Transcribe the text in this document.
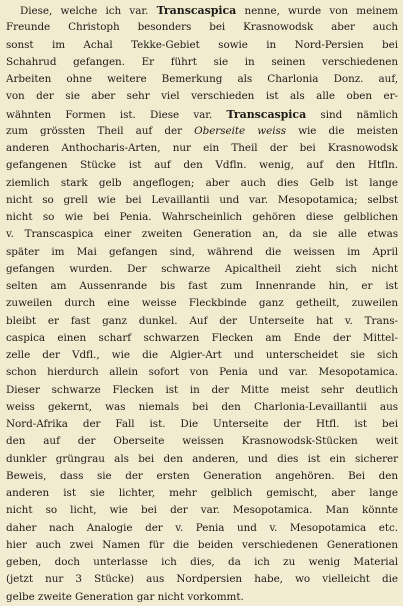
Diese, welche ich var. Transcaspica nenne, wurde von meinem
Freunde Christoph besonders bei Krasnowodsk aber auch
sonst im Achal Tekke-Gebiet sowie in Nord-Persien bei
Schahrud gefangen. Er führt sie in seinen verschiedenen
Arbeiten ohne weitere Bemerkung als Charlonia Donz. auf,
von der sie aber sehr viel verschieden ist als alle oben er-
wähnten Formen ist. Diese var. Transcaspica sind nämlich
zum grössten Theil auf der Oberseite weiss wie die meisten
anderen Anthocharis-Arten, nur ein Theil der bei Krasnowodsk
gefangenen Stücke ist auf den Vdfln. wenig, auf den Htfln.
ziemlich stark gelb angeflogen; aber auch dies Gelb ist lange
nicht so grell wie bei Levaillantii und var. Mesopotamica; selbst
nicht so wie bei Penia. Wahrscheinlich gehören diese gelblichen
v. Transcaspica einer zweiten Generation an, da sie alle etwas
später im Mai gefangen sind, während die weissen im April
gefangen wurden. Der schwarze Apicaltheil zieht sich nicht
selten am Aussenrande bis fast zum Innenrande hin, er ist
zuweilen durch eine weisse Fleckbinde ganz getheilt, zuweilen
bleibt er fast ganz dunkel. Auf der Unterseite hat v. Trans-
caspica einen scharf schwarzen Flecken am Ende der Mittel-
zelle der Vdfl., wie die Algier-Art und unterscheidet sie sich
schon hierdurch allein sofort von Penia und var. Mesopotamica.
Dieser schwarze Flecken ist in der Mitte meist sehr deutlich
weiss gekernt, was niemals bei den Charlonia-Levaillantii aus
Nord-Afrika der Fall ist. Die Unterseite der Htfl. ist bei
den auf der Oberseite weissen Krasnowodsk-Stücken weit
dunkler grüngrau als bei den anderen, und dies ist ein sicherer
Beweis, dass sie der ersten Generation angehören. Bei den
anderen ist sie lichter, mehr gelblich gemischt, aber lange
nicht so licht, wie bei der var. Mesopotamica. Man könnte
daher nach Analogie der v. Penia und v. Mesopotamica etc.
hier auch zwei Namen für die beiden verschiedenen Generationen
geben, doch unterlasse ich dies, da ich zu wenig Material
(jetzt nur 3 Stücke) aus Nordpersien habe, wo vielleicht die
gelbe zweite Generation gar nicht vorkommt.
